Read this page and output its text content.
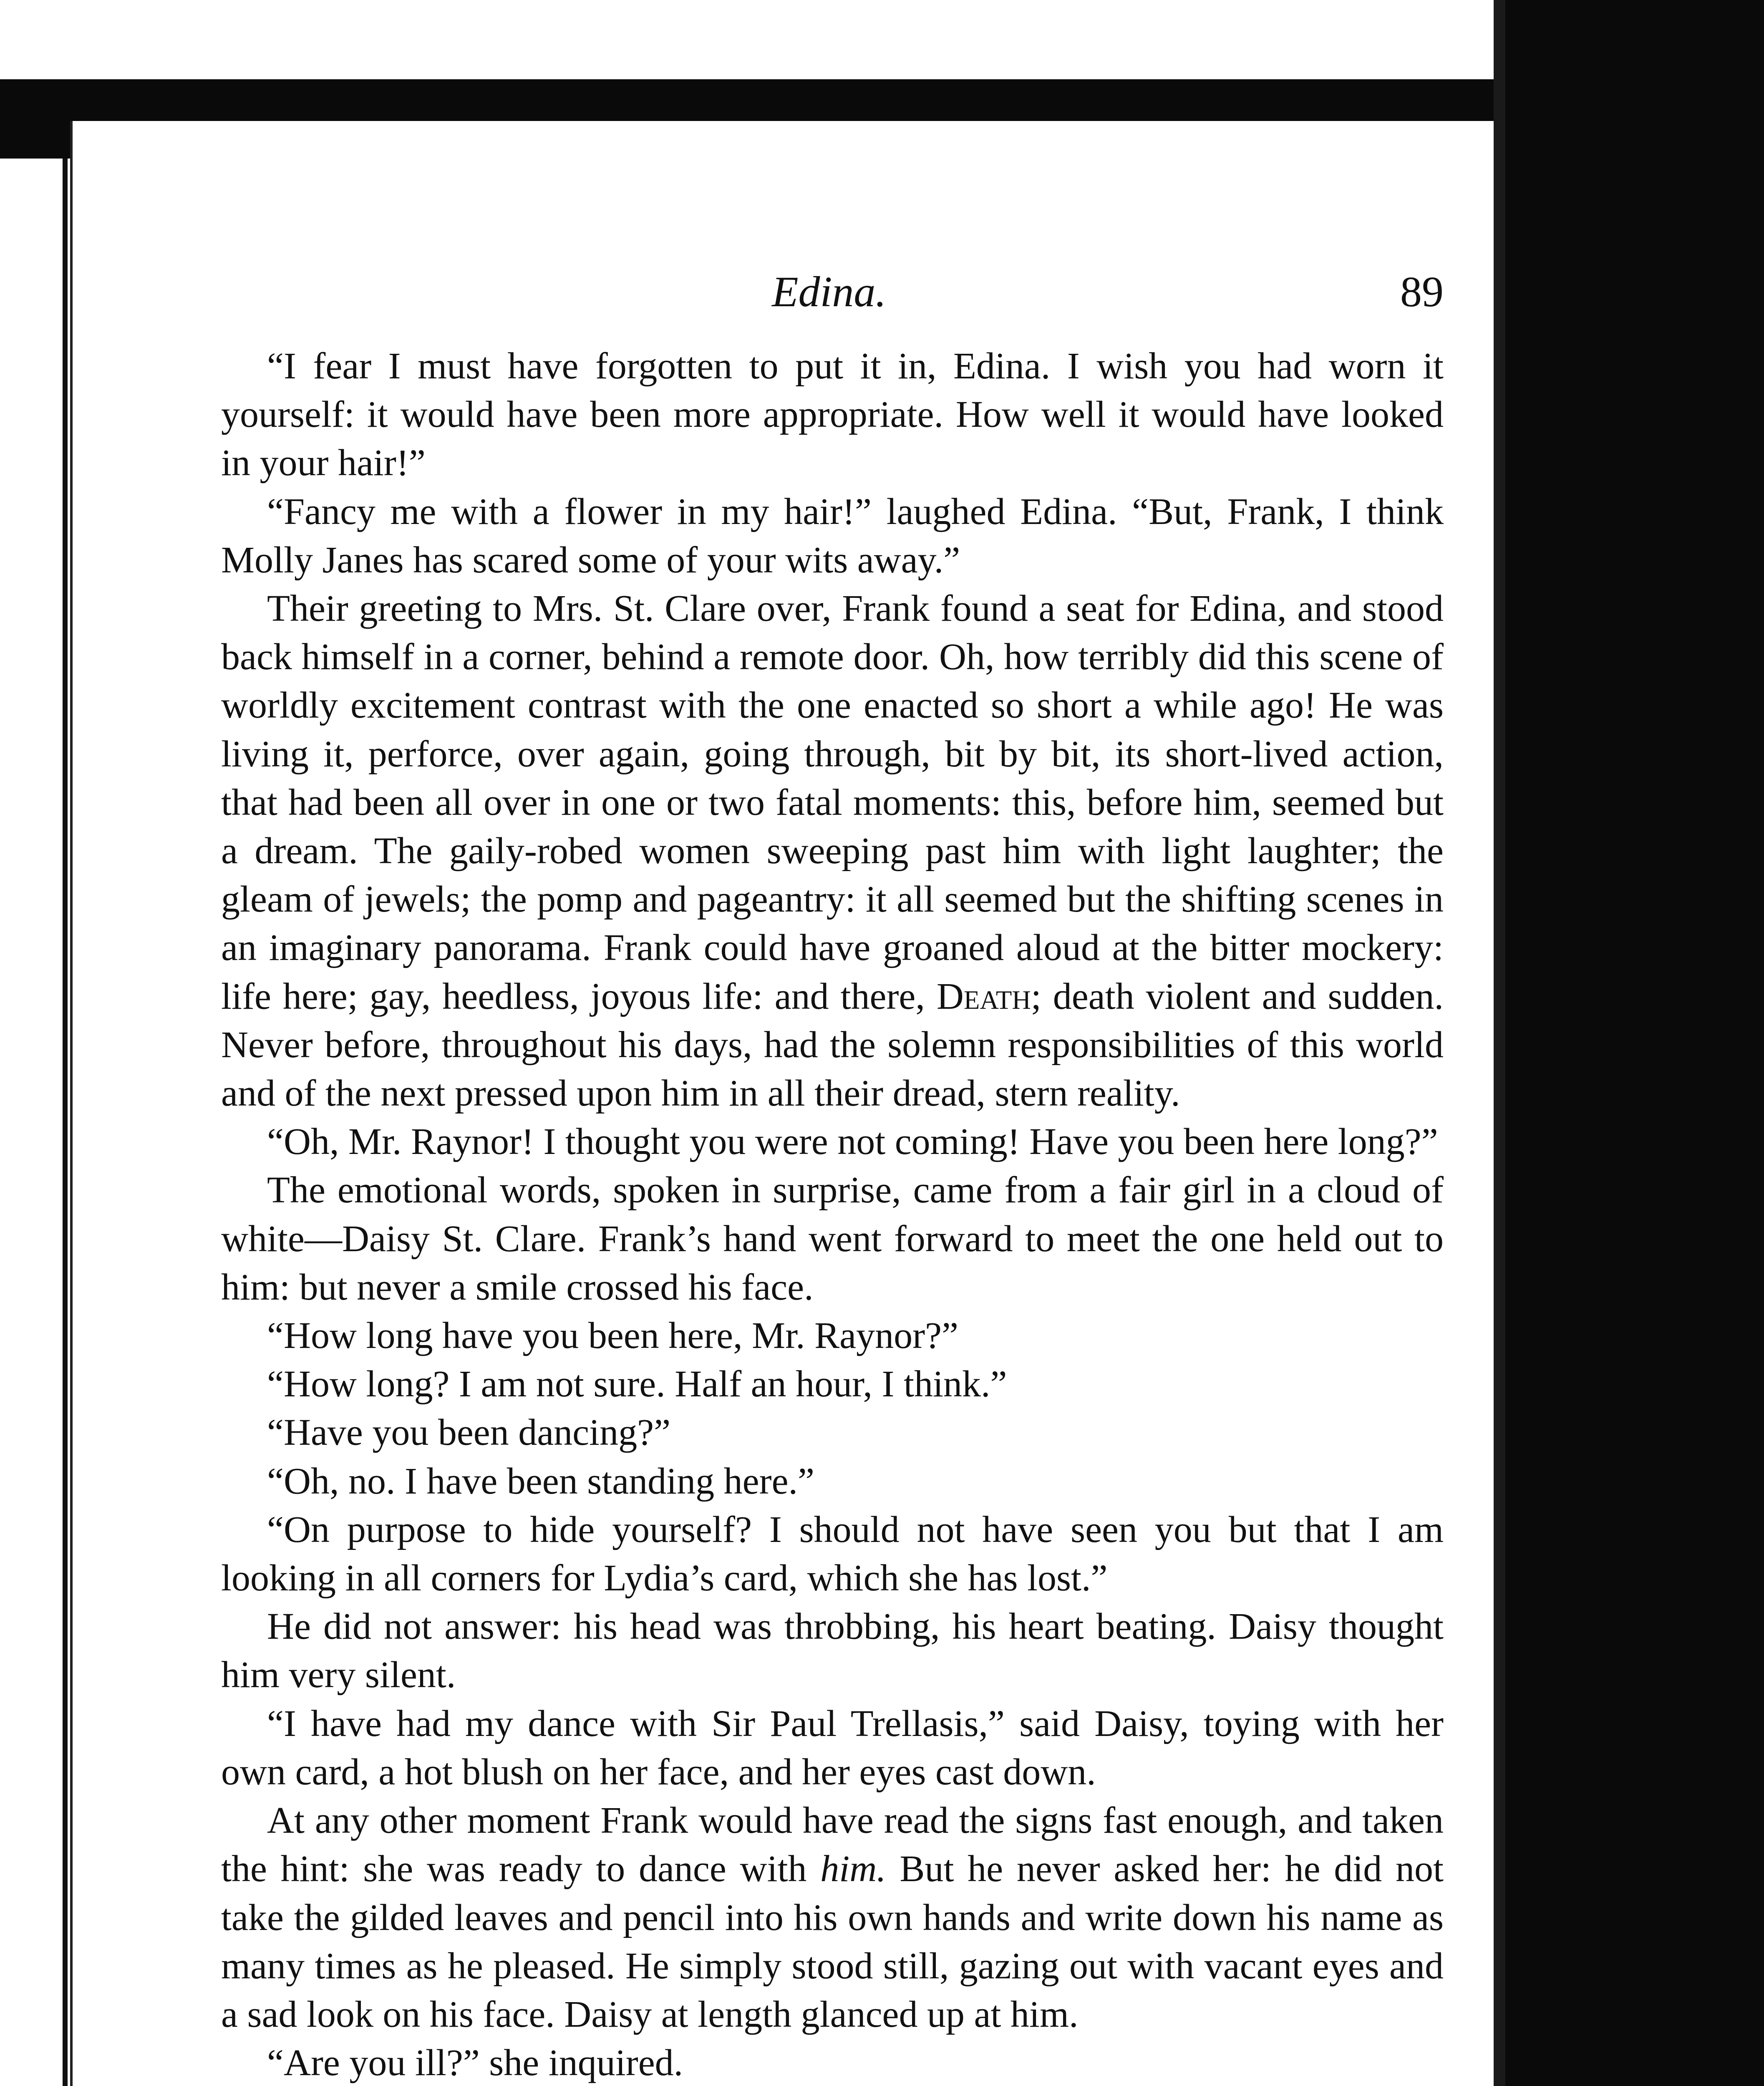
Edina.	89

“I fear I must have forgotten to put it in, Edina. I wish you had worn it yourself: it would have been more appropriate. How well it would have looked in your hair!”

“Fancy me with a flower in my hair!” laughed Edina. “But, Frank, I think Molly Janes has scared some of your wits away.”

Their greeting to Mrs. St. Clare over, Frank found a seat for Edina, and stood back himself in a corner, behind a remote door. Oh, how terribly did this scene of worldly excitement contrast with the one enacted so short a while ago! He was living it, perforce, over again, going through, bit by bit, its short-lived action, that had been all over in one or two fatal moments: this, before him, seemed but a dream. The gaily-robed women sweeping past him with light laughter; the gleam of jewels; the pomp and pageantry: it all seemed but the shifting scenes in an imaginary panorama. Frank could have groaned aloud at the bitter mockery: life here; gay, heedless, joyous life: and there, Death; death violent and sudden. Never before, throughout his days, had the solemn responsibilities of this world and of the next pressed upon him in all their dread, stern reality.

“Oh, Mr. Raynor! I thought you were not coming! Have you been here long?”

The emotional words, spoken in surprise, came from a fair girl in a cloud of white—Daisy St. Clare. Frank’s hand went forward to meet the one held out to him: but never a smile crossed his face.

“How long have you been here, Mr. Raynor?”

“How long? I am not sure. Half an hour, I think.”

“Have you been dancing?”

“Oh, no. I have been standing here.”

“On purpose to hide yourself? I should not have seen you but that I am looking in all corners for Lydia’s card, which she has lost.”

He did not answer: his head was throbbing, his heart beating. Daisy thought him very silent.

“I have had my dance with Sir Paul Trellasis,” said Daisy, toying with her own card, a hot blush on her face, and her eyes cast down.

At any other moment Frank would have read the signs fast enough, and taken the hint: she was ready to dance with him. But he never asked her: he did not take the gilded leaves and pencil into his own hands and write down his name as many times as he pleased. He simply stood still, gazing out with vacant eyes and a sad look on his face. Daisy at length glanced up at him.

“Are you ill?” she inquired.
